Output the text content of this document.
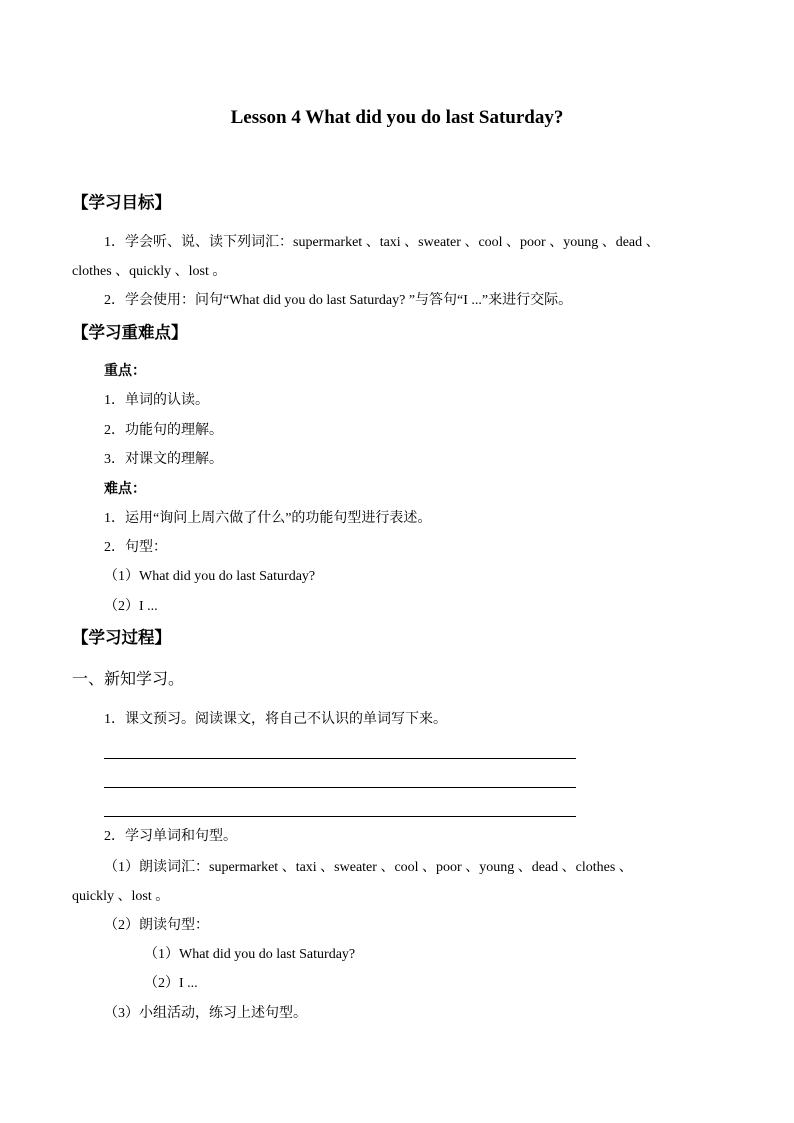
Lesson 4 What did you do last Saturday?
【学习目标】
1．学会听、说、读下列词汇：supermarket 、taxi 、sweater 、cool 、poor 、young 、dead 、
clothes 、quickly 、lost 。
2．学会使用：问句“What did you do last Saturday? ”与答句“I ...”来进行交际。
【学习重难点】
重点：
1．单词的认读。
2．功能句的理解。
3．对课文的理解。
难点：
1．运用“询问上周六做了什么”的功能句型进行表述。
2．句型：
（1）What did you do last Saturday?
（2）I ...
【学习过程】
一、新知学习。
1．课文预习。阅读课文，将自己不认识的单词写下来。
2．学习单词和句型。
（1）朗读词汇：supermarket 、taxi 、sweater 、cool 、poor 、young 、dead 、clothes 、
quickly 、lost 。
（2）朗读句型：
（1）What did you do last Saturday?
（2）I ...
（3）小组活动，练习上述句型。
